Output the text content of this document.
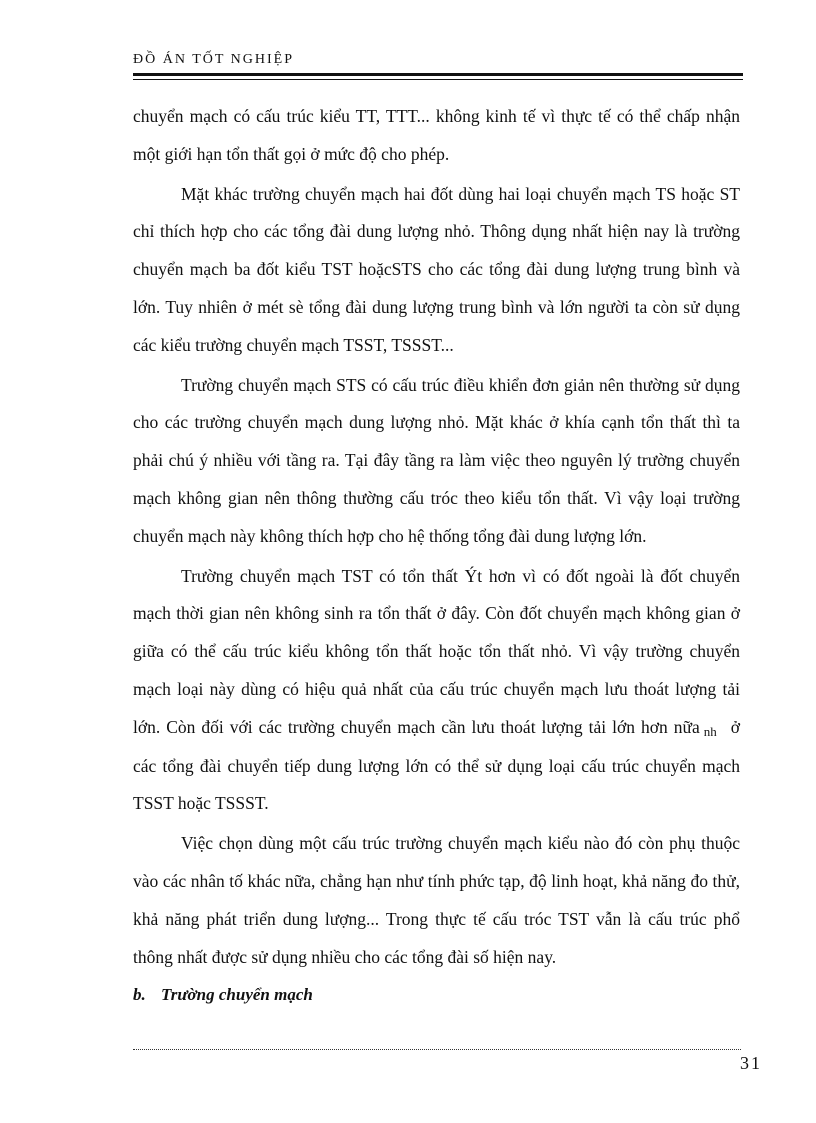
ĐỒ ÁN TỐT NGHIỆP

chuyển mạch có cấu trúc kiểu TT, TTT... không kinh tế vì thực tế có thể chấp nhận một giới hạn tổn thất gọi ở mức độ cho phép.

Mặt khác trường chuyển mạch hai đốt dùng hai loại chuyển mạch TS hoặc ST chỉ thích hợp cho các tổng đài dung lượng nhỏ. Thông dụng nhất hiện nay là trường chuyển mạch ba đốt kiểu TST hoặcSTS cho các tổng đài dung lượng trung bình và lớn. Tuy nhiên ở mét sè tổng đài dung lượng trung bình và lớn người ta còn sử dụng các kiểu trường chuyển mạch TSST, TSSST...

Trường chuyển mạch STS có cấu trúc điều khiển đơn giản nên thường sử dụng cho các trường chuyển mạch dung lượng nhỏ. Mặt khác ở khía cạnh tổn thất thì ta phải chú ý nhiều với tầng ra. Tại đây tầng ra làm việc theo nguyên lý trường chuyển mạch không gian nên thông thường cấu tróc theo kiểu tổn thất. Vì vậy loại trường chuyển mạch này không thích hợp cho hệ thống tổng đài dung lượng lớn.

Trường chuyển mạch TST có tổn thất Ýt hơn vì có đốt ngoài là đốt chuyển mạch thời gian nên không sinh ra tổn thất ở đây. Còn đốt chuyển mạch không gian ở giữa có thể cấu trúc kiểu không tổn thất hoặc tổn thất nhỏ. Vì vậy trường chuyển mạch loại này dùng có hiệu quả nhất của cấu trúc chuyển mạch lưu thoát lượng tải lớn. Còn đối với các trường chuyển mạch cần lưu thoát lượng tải lớn hơn nữa nh ở các tổng đài chuyển tiếp dung lượng lớn có thể sử dụng loại cấu trúc chuyển mạch TSST hoặc TSSST.

Việc chọn dùng một cấu trúc trường chuyển mạch kiểu nào đó còn phụ thuộc vào các nhân tố khác nữa, chẳng hạn như tính phức tạp, độ linh hoạt, khả năng đo thử, khả năng phát triển dung lượng... Trong thực tế cấu tróc TST vẫn là cấu trúc phổ thông nhất được sử dụng nhiều cho các tổng đài số hiện nay.

b. Trường chuyển mạch
31
